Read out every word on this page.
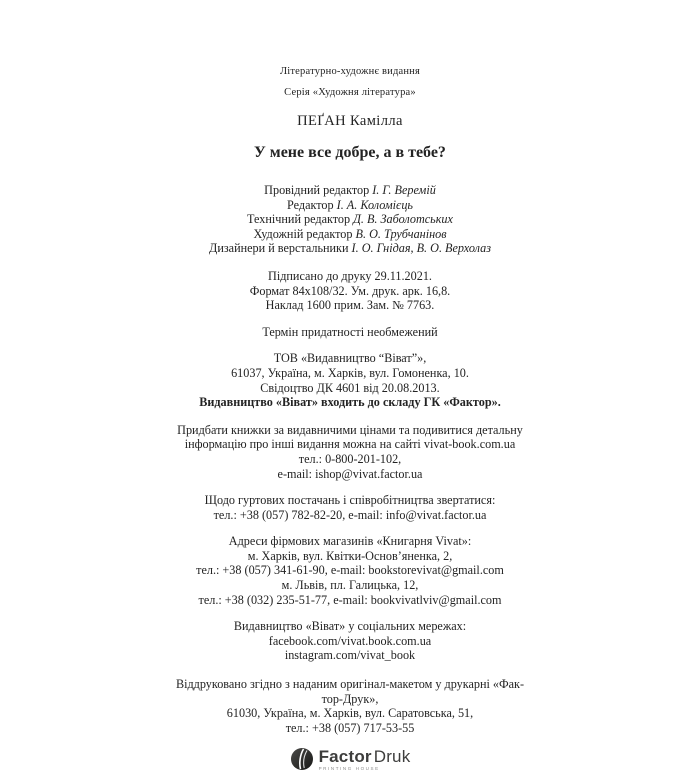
Літературно-художнє видання
Серія «Художня література»
ПЕҐАН Камілла
У мене все добре, а в тебе?
Провідний редактор І. Г. Веремій
Редактор І. А. Коломієць
Технічний редактор Д. В. Заболотських
Художній редактор В. О. Трубчанінов
Дизайнери й верстальники І. О. Гнідая, В. О. Верхолаз
Підписано до друку 29.11.2021.
Формат 84х108/32. Ум. друк. арк. 16,8.
Наклад 1600 прим. Зам. № 7763.
Термін придатності необмежений
ТОВ «Видавництво “Віват”»,
61037, Україна, м. Харків, вул. Гомоненка, 10.
Свідоцтво ДК 4601 від 20.08.2013.
Видавництво «Віват» входить до складу ГК «Фактор».
Придбати книжки за видавничими цінами та подивитися детальну
інформацію про інші видання можна на сайті vivat-book.com.ua
тел.: 0-800-201-102,
e-mail: ishop@vivat.factor.ua
Щодо гуртових постачань і співробітництва звертатися:
тел.: +38 (057) 782-82-20, e-mail: info@vivat.factor.ua
Адреси фірмових магазинів «Книгарня Vivat»:
м. Харків, вул. Квітки-Основ’яненка, 2,
тел.: +38 (057) 341-61-90, e-mail: bookstorevivat@gmail.com
м. Львів, пл. Галицька, 12,
тел.: +38 (032) 235-51-77, e-mail: bookvivatlviv@gmail.com
Видавництво «Віват» у соціальних мережах:
facebook.com/vivat.book.com.ua
instagram.com/vivat_book
Віддруковано згідно з наданим оригінал-макетом у друкарні «Фак-
тор-Друк»,
61030, Україна, м. Харків, вул. Саратовська, 51,
тел.: +38 (057) 717-53-55
Factor Druk
PRINTING HOUSE
